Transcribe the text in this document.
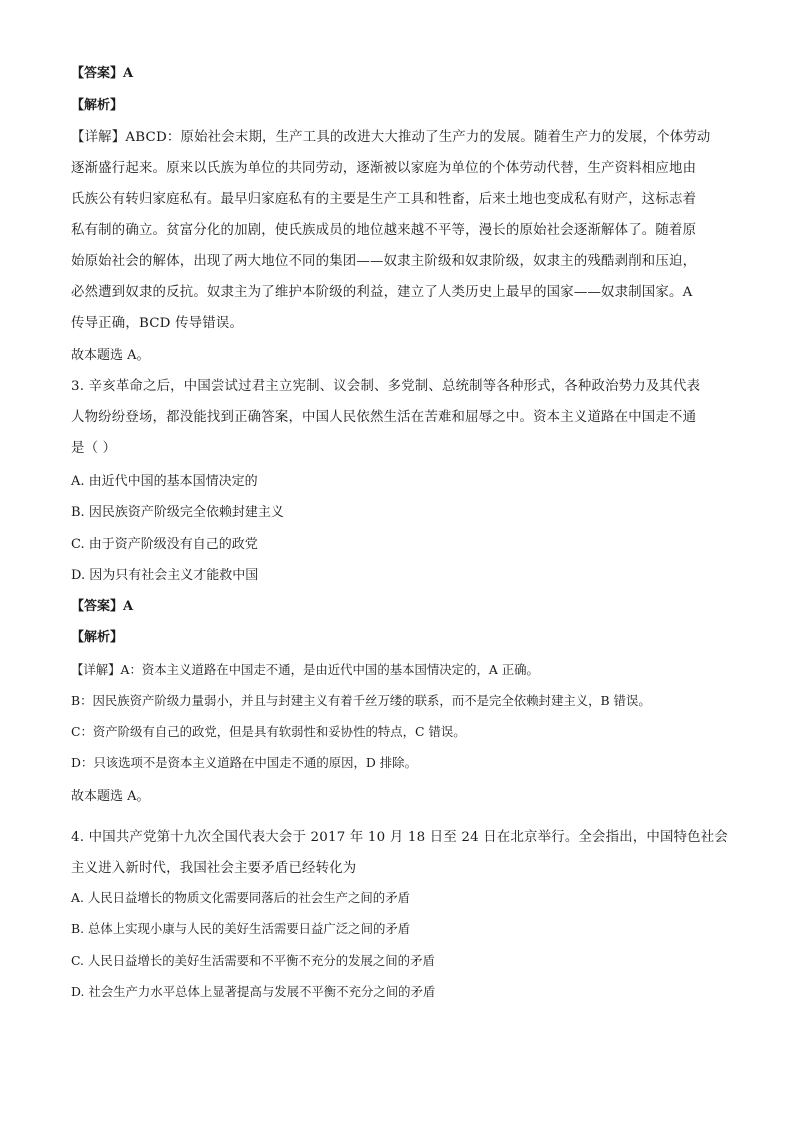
【答案】A
【解析】
【详解】ABCD：原始社会末期，生产工具的改进大大推动了生产力的发展。随着生产力的发展，个体劳动
逐渐盛行起来。原来以氏族为单位的共同劳动，逐渐被以家庭为单位的个体劳动代替，生产资料相应地由
氏族公有转归家庭私有。最早归家庭私有的主要是生产工具和牲畜，后来土地也变成私有财产，这标志着
私有制的确立。贫富分化的加剧，使氏族成员的地位越来越不平等，漫长的原始社会逐渐解体了。随着原
始原始社会的解体，出现了两大地位不同的集团——奴隶主阶级和奴隶阶级，奴隶主的残酷剥削和压迫，
必然遭到奴隶的反抗。奴隶主为了维护本阶级的利益，建立了人类历史上最早的国家——奴隶制国家。A
传导正确，BCD 传导错误。
故本题选 A。
3. 辛亥革命之后，中国尝试过君主立宪制、议会制、多党制、总统制等各种形式，各种政治势力及其代表
人物纷纷登场，都没能找到正确答案，中国人民依然生活在苦难和屈辱之中。资本主义道路在中国走不通
是（ ）
A. 由近代中国的基本国情决定的
B. 因民族资产阶级完全依赖封建主义
C. 由于资产阶级没有自己的政党
D. 因为只有社会主义才能救中国
【答案】A
【解析】
【详解】A：资本主义道路在中国走不通，是由近代中国的基本国情决定的，A 正确。
B：因民族资产阶级力量弱小，并且与封建主义有着千丝万缕的联系，而不是完全依赖封建主义，B 错误。
C：资产阶级有自己的政党，但是具有软弱性和妥协性的特点，C 错误。
D：只该选项不是资本主义道路在中国走不通的原因，D 排除。
故本题选 A。
4. 中国共产党第十九次全国代表大会于 2017 年 10 月 18 日至 24 日在北京举行。全会指出，中国特色社会
主义进入新时代，我国社会主要矛盾已经转化为
A. 人民日益增长的物质文化需要同落后的社会生产之间的矛盾
B. 总体上实现小康与人民的美好生活需要日益广泛之间的矛盾
C. 人民日益增长的美好生活需要和不平衡不充分的发展之间的矛盾
D. 社会生产力水平总体上显著提高与发展不平衡不充分之间的矛盾
